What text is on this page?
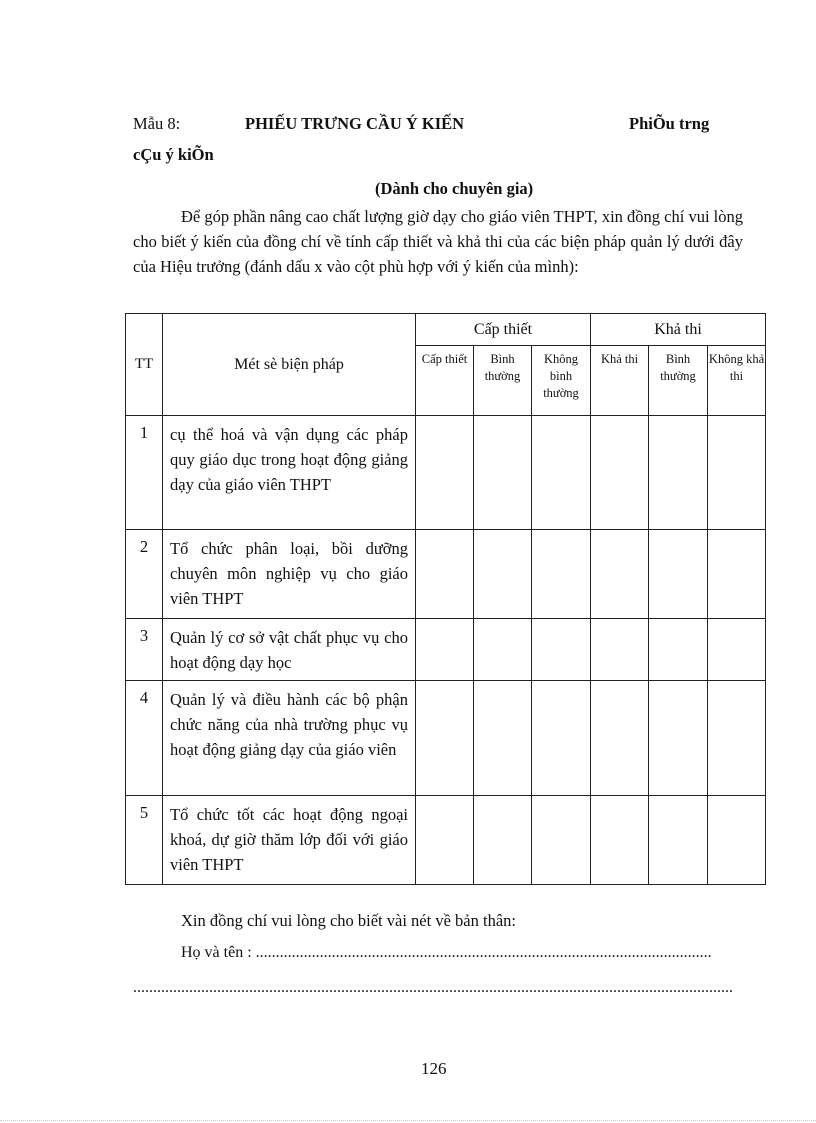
Mẫu 8:	PHIẾU TRƯNG CẦU Ý KIẾN	PhiÕu trng
cÇu ý kiÕn
(Dành cho chuyên gia)
Để góp phần nâng cao chất lượng giờ dạy cho giáo viên THPT, xin đồng chí vui lòng cho biết ý kiến của đồng chí về tính cấp thiết và khả thi của các biện pháp quản lý dưới đây của Hiệu trưởng (đánh dấu x vào cột phù hợp với ý kiến của mình):
TT	Mét sè biện pháp	Cấp thiết			Khả thi		
		Cấp thiết	Bình thường	Không bình thường	Khả thi	Bình thường	Không khả thi
1	cụ thể hoá và vận dụng các pháp quy giáo dục trong hoạt động giảng dạy của giáo viên THPT						
2	Tổ chức phân loại, bồi dưỡng chuyên môn nghiệp vụ cho giáo viên THPT						
3	Quản lý cơ sở vật chất phục vụ cho hoạt động dạy học						
4	Quản lý và điều hành các bộ phận chức năng của nhà trường phục vụ hoạt động giảng dạy của giáo viên						
5	Tổ chức tốt các hoạt động ngoại khoá, dự giờ thăm lớp đối với giáo viên THPT						
Xin đồng chí vui lòng cho biết vài nét về bản thân:
Họ và tên : ..................................................................................................................
......................................................................................................................................................
126
